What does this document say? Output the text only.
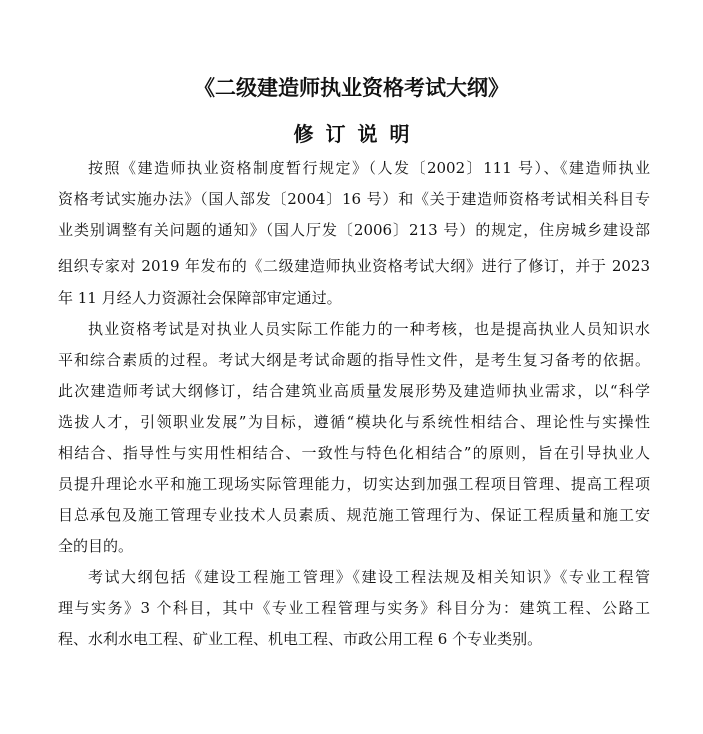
《二级建造师执业资格考试大纲》
修订说明
按照《建造师执业资格制度暂行规定》（人发〔2002〕111 号）、《建造师执业
资格考试实施办法》（国人部发〔2004〕16 号）和《关于建造师资格考试相关科目专
业类别调整有关问题的通知》（国人厅发〔2006〕213 号）的规定，住房城乡建设部
组织专家对 2019 年发布的《二级建造师执业资格考试大纲》进行了修订，并于 2023
年 11 月经人力资源社会保障部审定通过。
执业资格考试是对执业人员实际工作能力的一种考核，也是提高执业人员知识水
平和综合素质的过程。考试大纲是考试命题的指导性文件，是考生复习备考的依据。
此次建造师考试大纲修订，结合建筑业高质量发展形势及建造师执业需求，以“科学
选拔人才，引领职业发展”为目标，遵循“模块化与系统性相结合、理论性与实操性
相结合、指导性与实用性相结合、一致性与特色化相结合”的原则，旨在引导执业人
员提升理论水平和施工现场实际管理能力，切实达到加强工程项目管理、提高工程项
目总承包及施工管理专业技术人员素质、规范施工管理行为、保证工程质量和施工安
全的目的。
考试大纲包括《建设工程施工管理》《建设工程法规及相关知识》《专业工程管
理与实务》3 个科目，其中《专业工程管理与实务》科目分为：建筑工程、公路工
程、水利水电工程、矿业工程、机电工程、市政公用工程 6 个专业类别。
